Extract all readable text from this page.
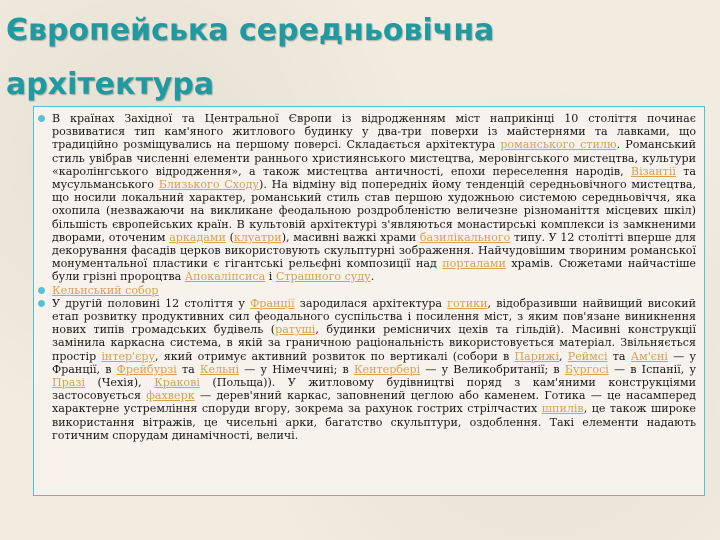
Європейська середньовічна архітектура
В країнах Західної та Центральної Європи із відродженням міст наприкінці 10 століття починає розвиватися тип кам'яного житлового будинку у два-три поверхи із майстернями та лавками, що традиційно розміщувались на першому поверсі. Складається архітектура романського стилю. Романський стиль увібрав численні елементи раннього християнського мистецтва, меровінгського мистецтва, культури «каролінгського відродження», а також мистецтва античності, епохи переселення народів, Візантії та мусульманського Близького Сходу). На відміну від попередніх йому тенденцій середньовічного мистецтва, що носили локальний характер, романський стиль став першою художньою системою середньовіччя, яка охопила (незважаючи на викликане феодальною роздробленістю величезне різноманіття місцевих шкіл) більшість європейських країн. В культовій архітектурі з'являються монастирські комплекси із замкненими дворами, оточеним аркадами (клуатри), масивні важкі храми базилікального типу. У 12 столітті вперше для декорування фасадів церков використовують скульптурні зображення. Найчудовішим твориним романської монументальної пластики є гігантські рельєфні композиції над порталами храмів. Сюжетами найчастіше були грізні пророцтва Апокаліпсиса і Страшного суду.
Кельнський собор
У другій половині 12 століття у Франції зародилася архітектура готики, відобразивши найвищий високий етап розвитку продуктивних сил феодального суспільства і посилення міст, з яким пов'язане виникнення нових типів громадських будівель (ратуші, будинки ремісничих цехів та гільдій). Масивні конструкції замінила каркасна система, в якій за граничною раціональність використовується матеріал. Звільняється простір інтер'єру, який отримує активний розвиток по вертикалі (собори в Парижі, Реймсі та Ам'єні — у Франції, в Фрейбурзі та Кельні — у Німеччині; в Кентербері — у Великобританії; в Бургосі — в Іспанії, у Празі (Чехія), Кракові (Польща)). У житловому будівництві поряд з кам'яними конструкціями застосовується фахверк — дерев'яний каркас, заповнений цеглою або каменем. Готика — це насамперед характерне устремління споруди вгору, зокрема за рахунок гострих стрілчастих шпилів, це також широке використання вітражів, це чисельні арки, багатство скульптури, оздоблення. Такі елементи надають готичним спорудам динамічності, величі.
